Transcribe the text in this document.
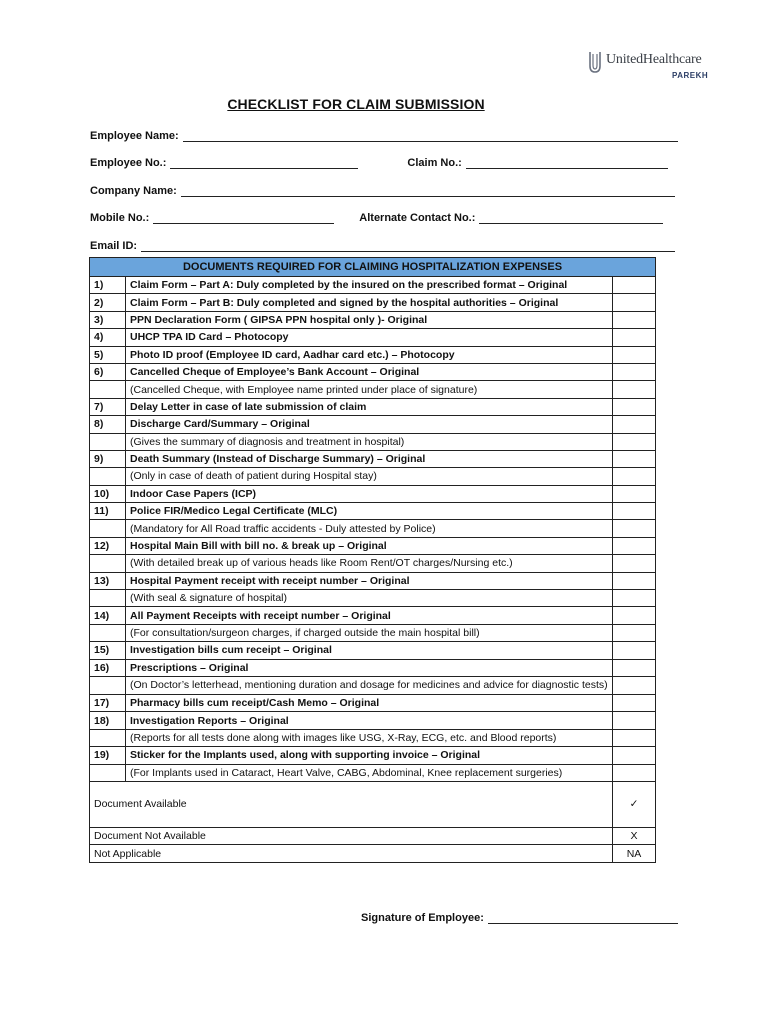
UnitedHealthcare
PAREKH
CHECKLIST FOR CLAIM SUBMISSION
Employee Name:
Employee No.:	Claim No.:
Company Name:
Mobile No.:	Alternate Contact No.:
Email ID:
DOCUMENTS REQUIRED FOR CLAIMING HOSPITALIZATION EXPENSES		
1)	Claim Form – Part A: Duly completed by the insured on the prescribed format – Original	
2)	Claim Form – Part B: Duly completed and signed by the hospital authorities – Original	
3)	PPN Declaration Form ( GIPSA PPN hospital only )- Original	
4)	UHCP TPA ID Card – Photocopy	
5)	Photo ID proof (Employee ID card, Aadhar card etc.) – Photocopy	
6)	Cancelled Cheque of Employee’s Bank Account – Original	
	(Cancelled Cheque, with Employee name printed under place of signature)	
7)	Delay Letter in case of late submission of claim	
8)	Discharge Card/Summary – Original	
	(Gives the summary of diagnosis and treatment in hospital)	
9)	Death Summary (Instead of Discharge Summary) – Original	
	(Only in case of death of patient during Hospital stay)	
10)	Indoor Case Papers (ICP)	
11)	Police FIR/Medico Legal Certificate (MLC)	
	(Mandatory for All Road traffic accidents - Duly attested by Police)	
12)	Hospital Main Bill with bill no. & break up – Original	
	(With detailed break up of various heads like Room Rent/OT charges/Nursing etc.)	
13)	Hospital Payment receipt with receipt number – Original	
	(With seal & signature of hospital)	
14)	All Payment Receipts with receipt number – Original	
	(For consultation/surgeon charges, if charged outside the main hospital bill)	
15)	Investigation bills cum receipt – Original	
16)	Prescriptions – Original	
	(On Doctor’s letterhead, mentioning duration and dosage for medicines and advice for diagnostic tests)	
17)	Pharmacy bills cum receipt/Cash Memo – Original	
18)	Investigation Reports – Original	
	(Reports for all tests done along with images like USG, X-Ray, ECG, etc. and Blood reports)	
19)	Sticker for the Implants used, along with supporting invoice – Original	
	(For Implants used in Cataract, Heart Valve, CABG, Abdominal, Knee replacement surgeries)	
Document Available		✓
Document Not Available		X
Not Applicable		NA
Signature of Employee:
